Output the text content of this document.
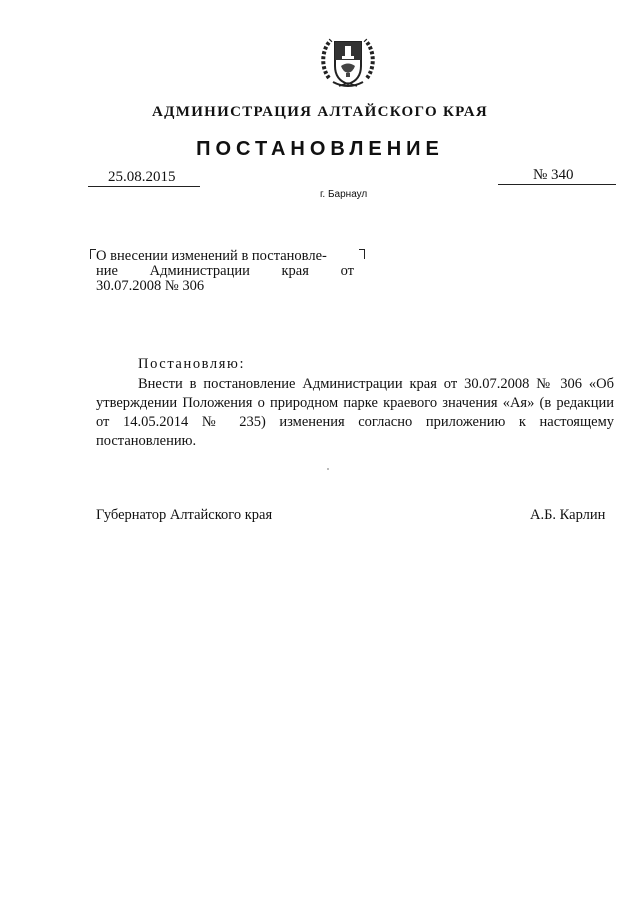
АДМИНИСТРАЦИЯ АЛТАЙСКОГО КРАЯ
ПОСТАНОВЛЕНИЕ
25.08.2015	№ 340
г. Барнаул
О внесении изменений в постановле-
ние Администрации края от
30.07.2008 № 306
Постановляю:
Внести в постановление Администрации края от 30.07.2008 № 306 «Об утверждении Положения о природном парке краевого значения «Ая» (в редакции от 14.05.2014 № 235) изменения согласно приложению к настоящему постановлению.
Губернатор Алтайского края	А.Б. Карлин
